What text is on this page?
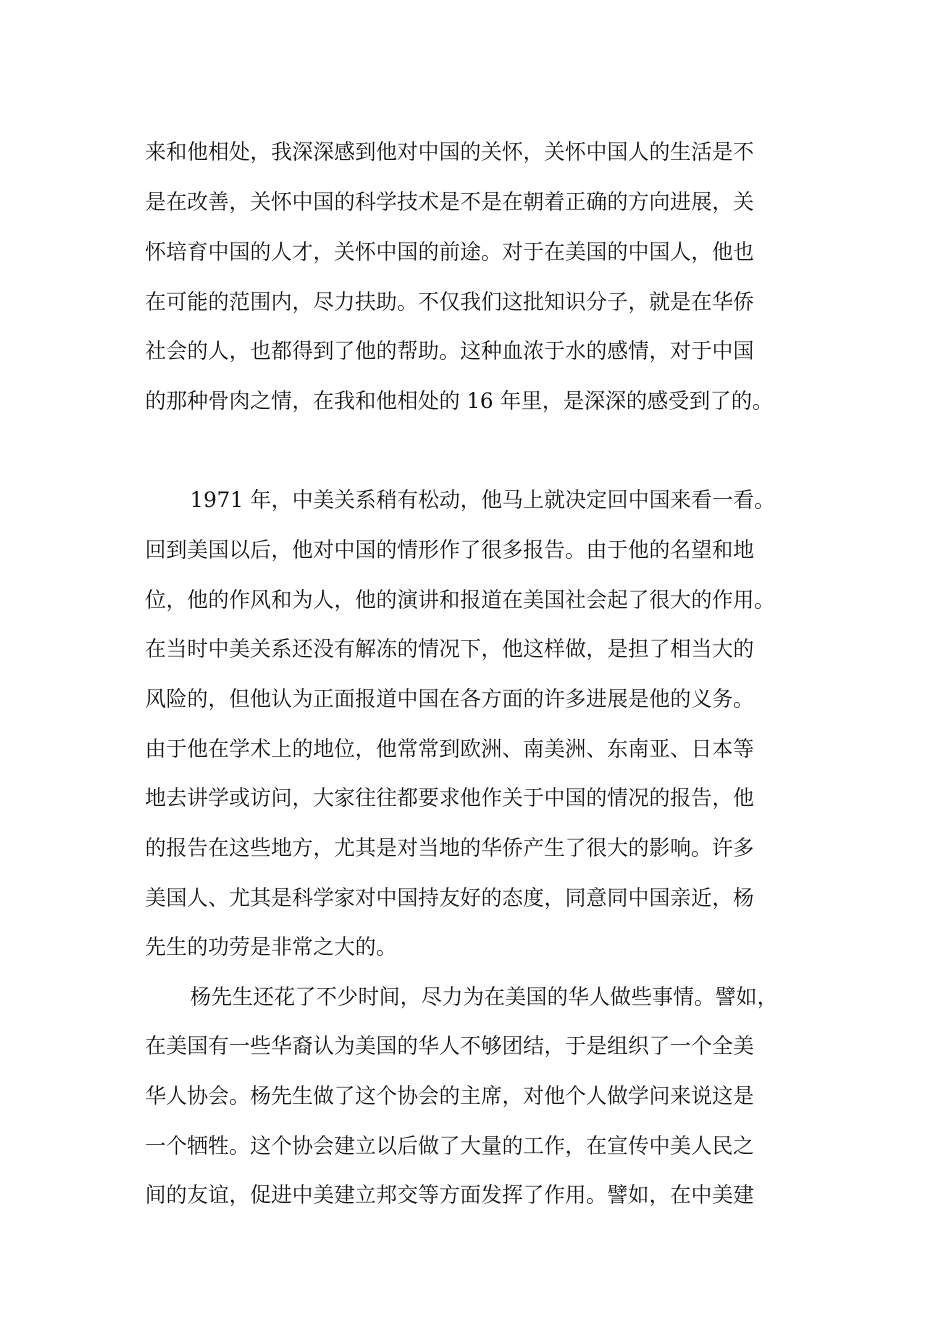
来和他相处，我深深感到他对中国的关怀，关怀中国人的生活是不
是在改善，关怀中国的科学技术是不是在朝着正确的方向进展，关
怀培育中国的人才，关怀中国的前途。对于在美国的中国人，他也
在可能的范围内，尽力扶助。不仅我们这批知识分子，就是在华侨
社会的人，也都得到了他的帮助。这种血浓于水的感情，对于中国
的那种骨肉之情，在我和他相处的 16 年里，是深深的感受到了的。
1971 年，中美关系稍有松动，他马上就决定回中国来看一看。
回到美国以后，他对中国的情形作了很多报告。由于他的名望和地
位，他的作风和为人，他的演讲和报道在美国社会起了很大的作用。
在当时中美关系还没有解冻的情况下，他这样做，是担了相当大的
风险的，但他认为正面报道中国在各方面的许多进展是他的义务。
由于他在学术上的地位，他常常到欧洲、南美洲、东南亚、日本等
地去讲学或访问，大家往往都要求他作关于中国的情况的报告，他
的报告在这些地方，尤其是对当地的华侨产生了很大的影响。许多
美国人、尤其是科学家对中国持友好的态度，同意同中国亲近，杨
先生的功劳是非常之大的。
杨先生还花了不少时间，尽力为在美国的华人做些事情。譬如，
在美国有一些华裔认为美国的华人不够团结，于是组织了一个全美
华人协会。杨先生做了这个协会的主席，对他个人做学问来说这是
一个牺牲。这个协会建立以后做了大量的工作，在宣传中美人民之
间的友谊，促进中美建立邦交等方面发挥了作用。譬如，在中美建
